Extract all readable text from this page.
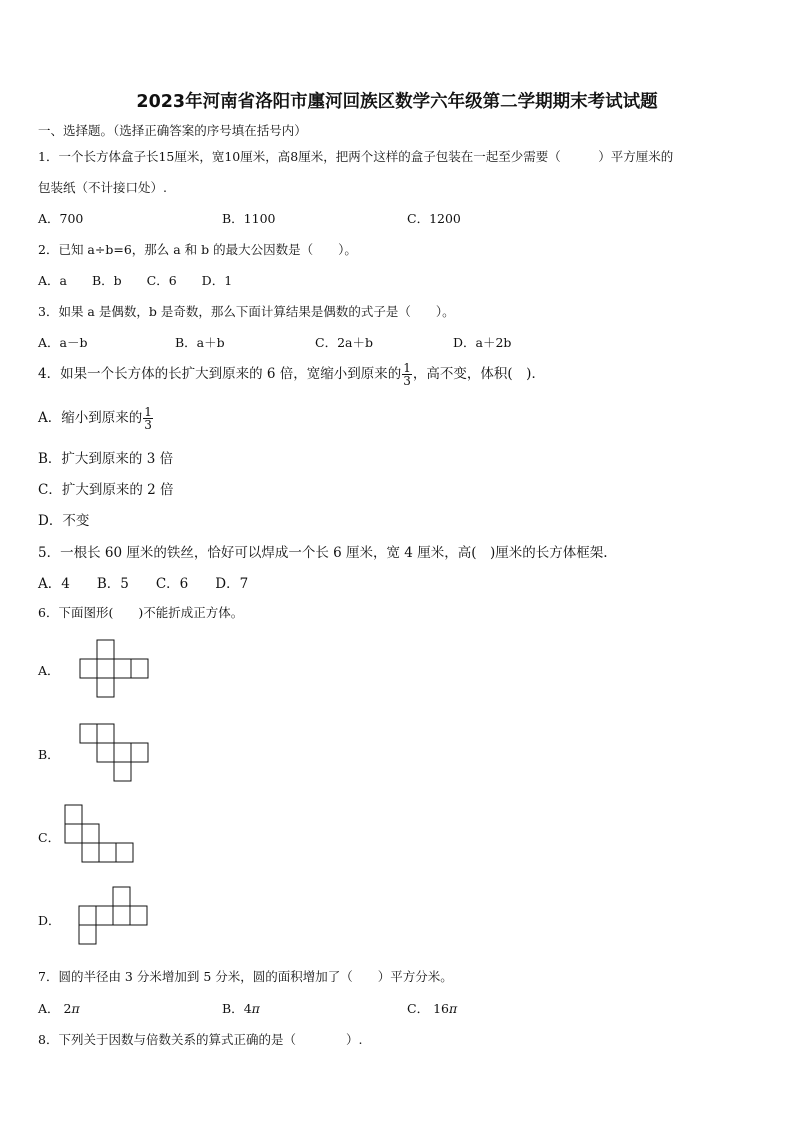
2023年河南省洛阳市廛河回族区数学六年级第二学期期末考试试题
一、选择题。（选择正确答案的序号填在括号内）
1．一个长方体盒子长15厘米，宽10厘米，高8厘米，把两个这样的盒子包装在一起至少需要（　　　）平方厘米的
包装纸（不计接口处）.
A．700	B．1100	C．1200
2．已知 a÷b=6，那么 a 和 b 的最大公因数是（　　）。
A．a　　B．b　　C．6　　D．1
3．如果 a 是偶数，b 是奇数，那么下面计算结果是偶数的式子是（　　）。
A．a－b	B．a＋b	C．2a＋b	D．a＋2b
4．如果一个长方体的长扩大到原来的 6 倍，宽缩小到原来的 $\frac{1}{3}$ ，高不变，体积(　)．
A．缩小到原来的 $\frac{1}{3}$
B．扩大到原来的 3 倍
C．扩大到原来的 2 倍
D．不变
5．一根长 60 厘米的铁丝，恰好可以焊成一个长 6 厘米，宽 4 厘米，高(　)厘米的长方体框架.
A．4　　B．5　　C．6　　D．7
6．下面图形(　　)不能折成正方体。
A．
B．
C．
D．
7．圆的半径由 3 分米增加到 5 分米，圆的面积增加了（　　）平方分米。
A． 2π	B．4π	C． 16π
8．下列关于因数与倍数关系的算式正确的是（　　　　）.
